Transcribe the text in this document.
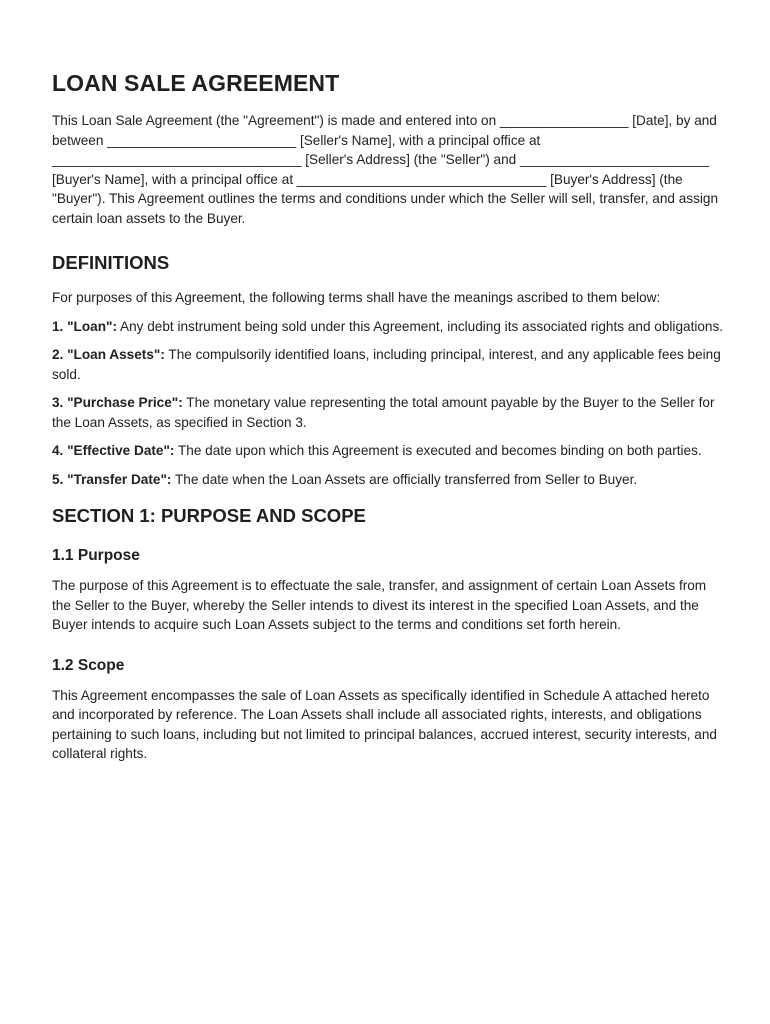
LOAN SALE AGREEMENT

This Loan Sale Agreement (the "Agreement") is made and entered into on _________________ [Date], by and between _________________________ [Seller's Name], with a principal office at _________________________________ [Seller's Address] (the "Seller") and _________________________ [Buyer's Name], with a principal office at _________________________________ [Buyer's Address] (the "Buyer"). This Agreement outlines the terms and conditions under which the Seller will sell, transfer, and assign certain loan assets to the Buyer.

DEFINITIONS

For purposes of this Agreement, the following terms shall have the meanings ascribed to them below:

1. "Loan": Any debt instrument being sold under this Agreement, including its associated rights and obligations.

2. "Loan Assets": The compulsorily identified loans, including principal, interest, and any applicable fees being sold.

3. "Purchase Price": The monetary value representing the total amount payable by the Buyer to the Seller for the Loan Assets, as specified in Section 3.

4. "Effective Date": The date upon which this Agreement is executed and becomes binding on both parties.

5. "Transfer Date": The date when the Loan Assets are officially transferred from Seller to Buyer.

SECTION 1: PURPOSE AND SCOPE
1.1 Purpose

The purpose of this Agreement is to effectuate the sale, transfer, and assignment of certain Loan Assets from the Seller to the Buyer, whereby the Seller intends to divest its interest in the specified Loan Assets, and the Buyer intends to acquire such Loan Assets subject to the terms and conditions set forth herein.

1.2 Scope

This Agreement encompasses the sale of Loan Assets as specifically identified in Schedule A attached hereto and incorporated by reference. The Loan Assets shall include all associated rights, interests, and obligations pertaining to such loans, including but not limited to principal balances, accrued interest, security interests, and collateral rights.
